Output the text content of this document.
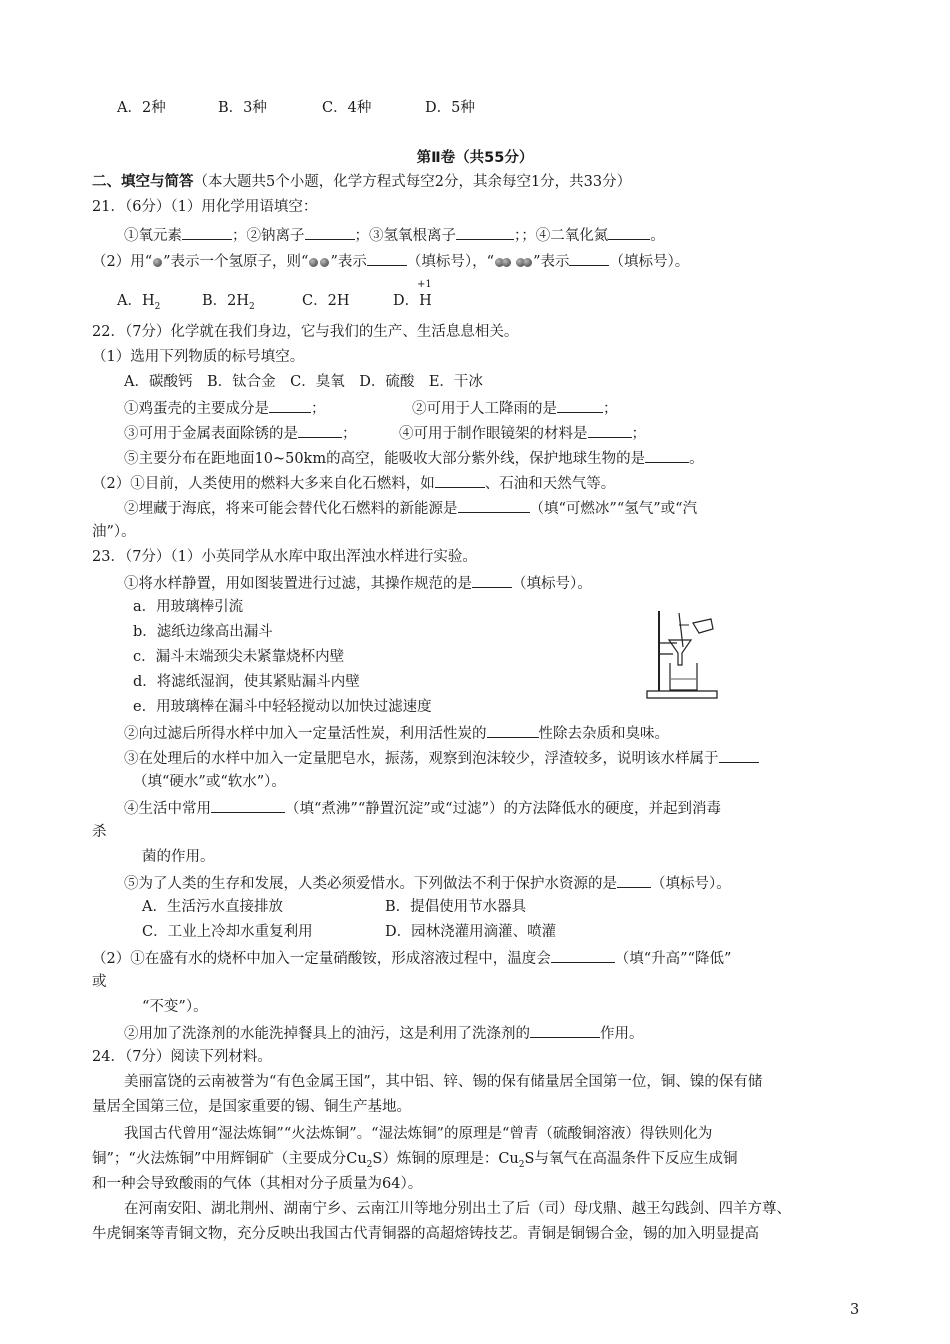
A．2种	B．3种	C．4种	D．5种
第Ⅱ卷（共55分）
二、填空与简答（本大题共5个小题，化学方程式每空2分，其余每空1分，共33分）
21．（6分）（1）用化学用语填空：
①氧元素	；②钠离子	；③氢氧根离子	；；④二氧化氮	。
（2）用“ ”表示一个氢原子，则“ ”表示	（填标号），“	”表示	（填标号）。
+1
A．$H_2$	B．$2H_2$	C．2H	D．H
22．（7分）化学就在我们身边，它与我们的生产、生活息息相关。
（1）选用下列物质的标号填空。
A．碳酸钙　B．钛合金　C．臭氧　D．硫酸　E．干冰
①鸡蛋壳的主要成分是	；	②可用于人工降雨的是	；
③可用于金属表面除锈的是	；	④可用于制作眼镜架的材料是	；
⑤主要分布在距地面10~50km的高空，能吸收大部分紫外线，保护地球生物的是	。
（2）①目前，人类使用的燃料大多来自化石燃料，如	、石油和天然气等。
②埋藏于海底，将来可能会替代化石燃料的新能源是	（填“可燃冰”“氢气”或“汽
油”）。
23．（7分）（1）小英同学从水库中取出浑浊水样进行实验。
①将水样静置，用如图装置进行过滤，其操作规范的是	（填标号）。
a．用玻璃棒引流
b．滤纸边缘高出漏斗
c．漏斗末端颈尖未紧靠烧杯内壁
d．将滤纸湿润，使其紧贴漏斗内壁
e．用玻璃棒在漏斗中轻轻搅动以加快过滤速度
②向过滤后所得水样中加入一定量活性炭，利用活性炭的	性除去杂质和臭味。
③在处理后的水样中加入一定量肥皂水，振荡，观察到泡沫较少，浮渣较多，说明该水样属于
（填“硬水”或“软水”）。
④生活中常用	（填“煮沸”“静置沉淀”或“过滤”）的方法降低水的硬度，并起到消毒
杀
菌的作用。
⑤为了人类的生存和发展，人类必须爱惜水。下列做法不利于保护水资源的是 （填标号）。
A．生活污水直接排放	B．提倡使用节水器具
C．工业上冷却水重复利用	D．园林浇灌用滴灌、喷灌
（2）①在盛有水的烧杯中加入一定量硝酸铵，形成溶液过程中，温度会	（填“升高”“降低”
或
“不变”）。
②用加了洗涤剂的水能洗掉餐具上的油污，这是利用了洗涤剂的	作用。
24．（7分）阅读下列材料。
美丽富饶的云南被誉为“有色金属王国”，其中铝、锌、锡的保有储量居全国第一位，铜、镍的保有储
量居全国第三位，是国家重要的锡、铜生产基地。
我国古代曾用“湿法炼铜”“火法炼铜”。“湿法炼铜”的原理是“曾青（硫酸铜溶液）得铁则化为
铜”；“火法炼铜”中用辉铜矿（主要成分$Cu_2S$）炼铜的原理是：$Cu_2S$与氧气在高温条件下反应生成铜
和一种会导致酸雨的气体（其相对分子质量为64）。
在河南安阳、湖北荆州、湖南宁乡、云南江川等地分别出土了后（司）母戊鼎、越王勾践剑、四羊方尊、
牛虎铜案等青铜文物，充分反映出我国古代青铜器的高超熔铸技艺。青铜是铜锡合金，锡的加入明显提高
3
